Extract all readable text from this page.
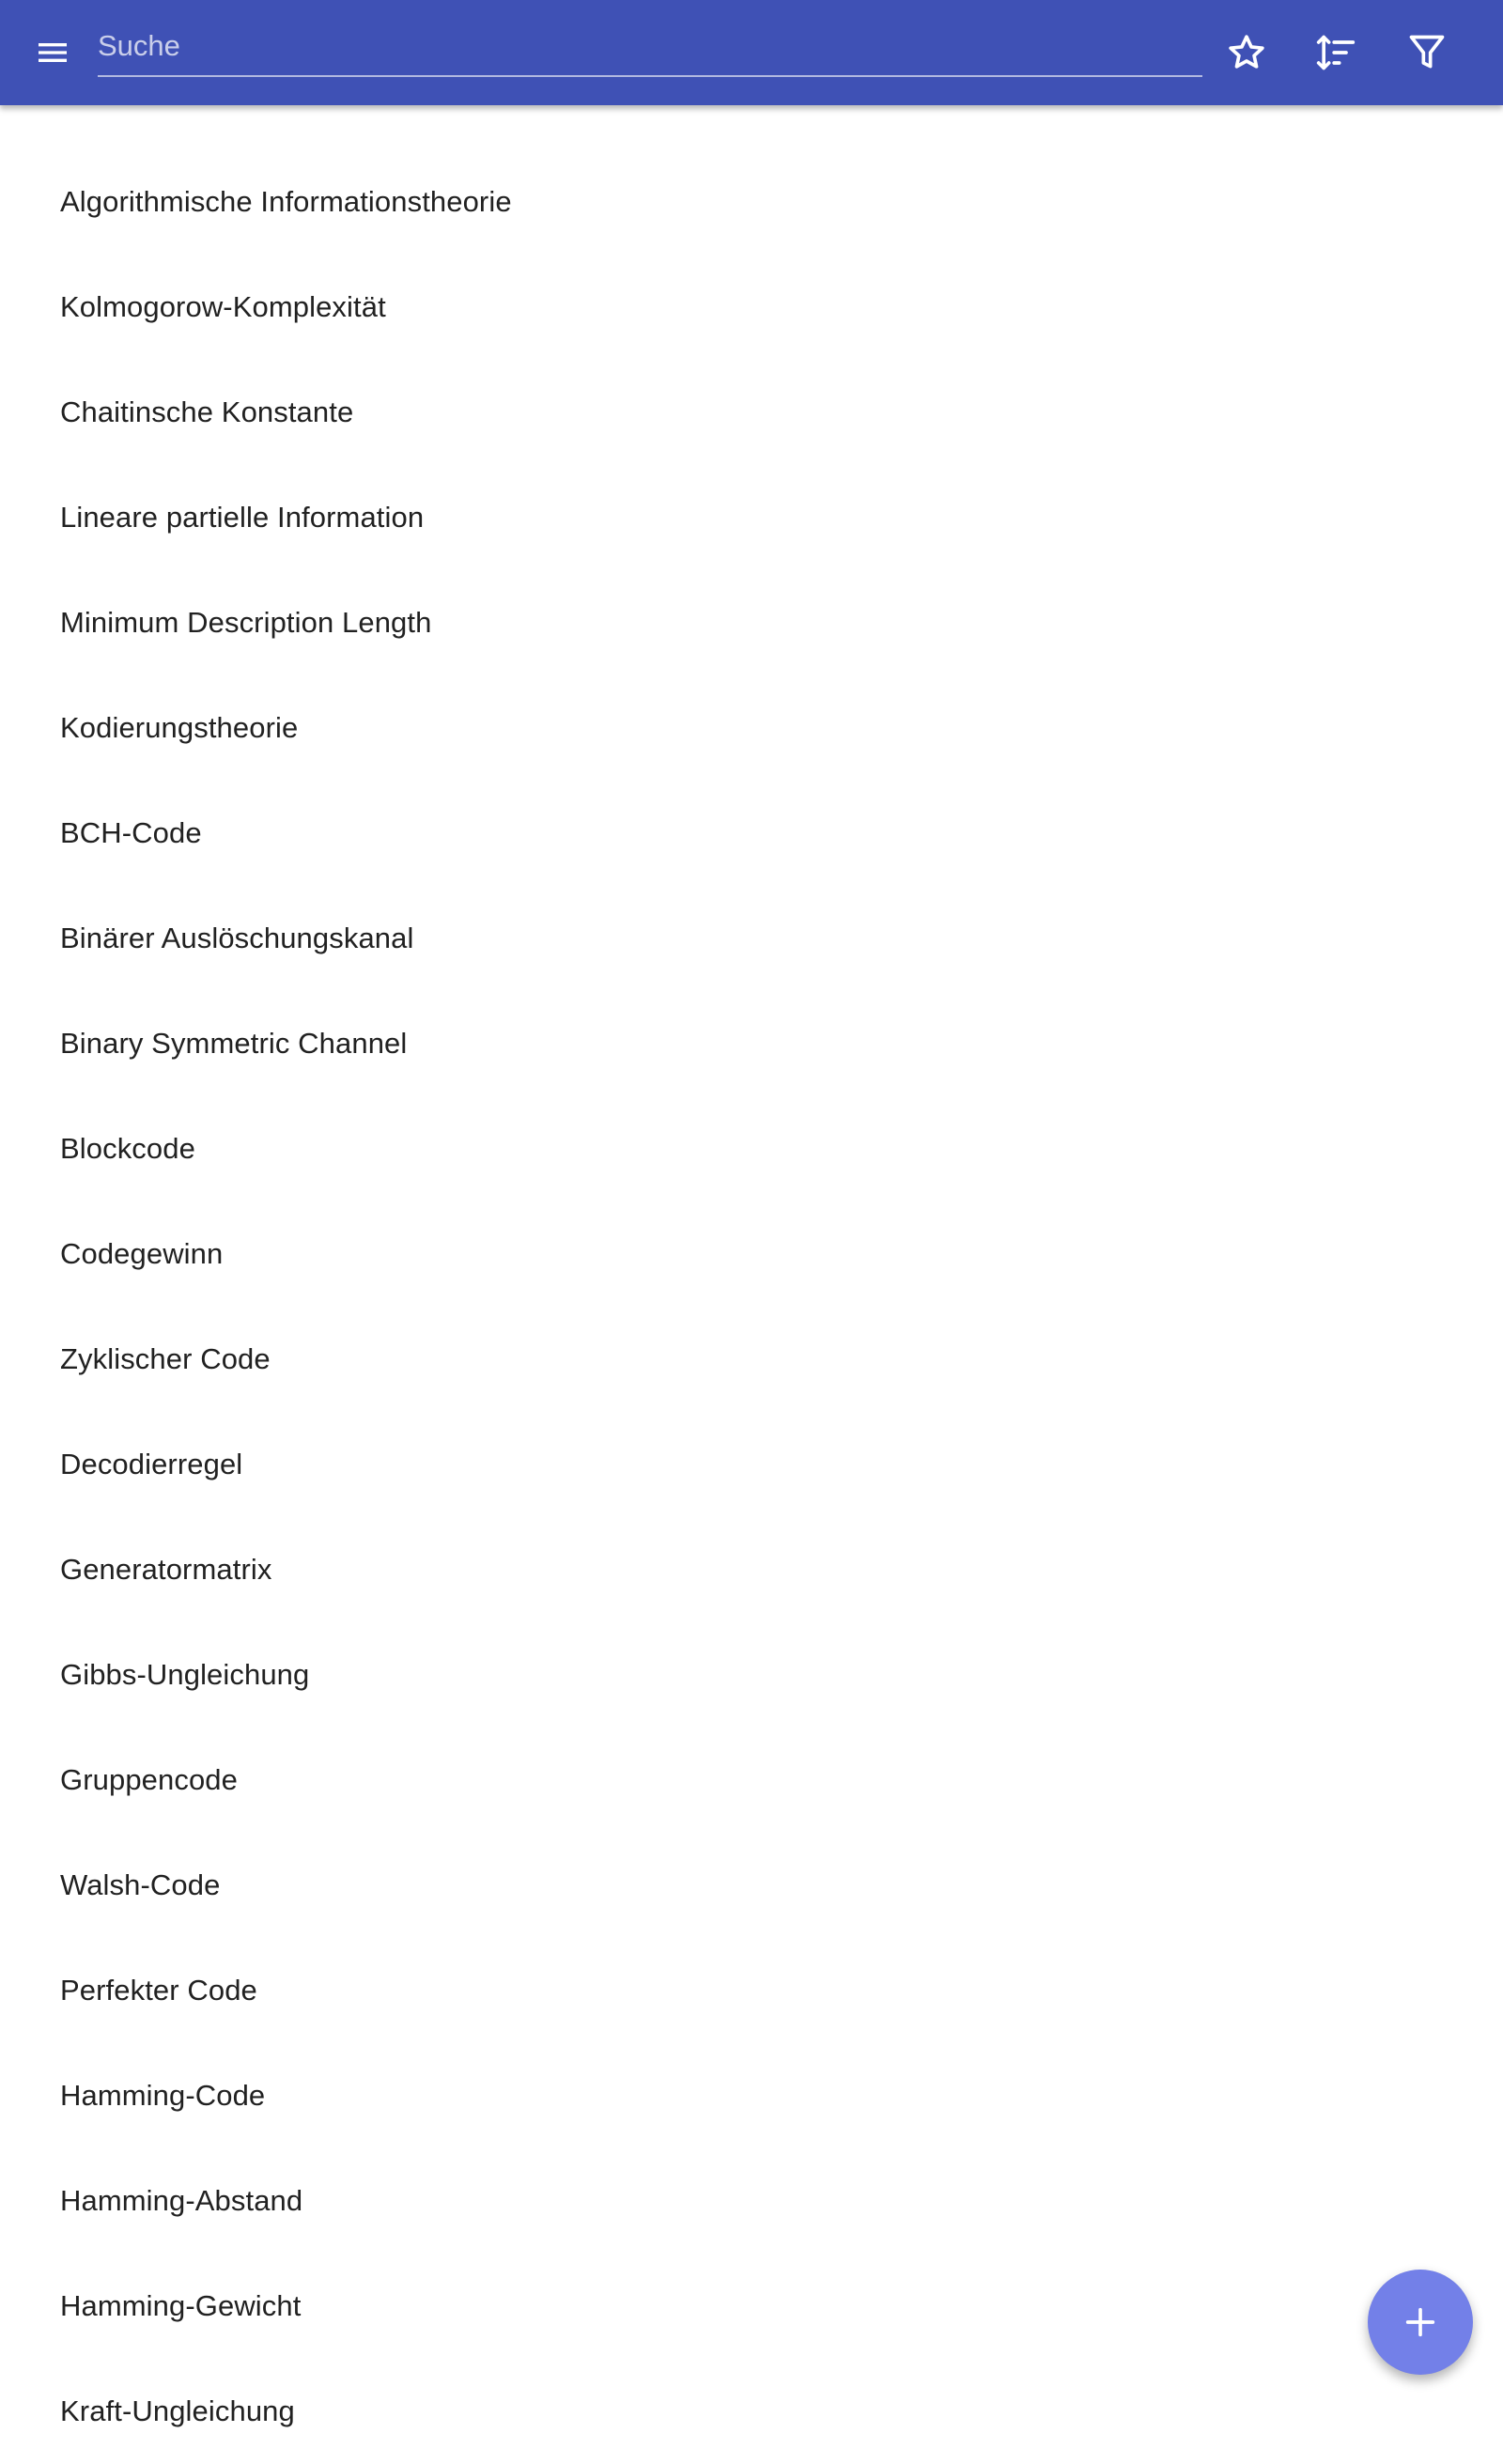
Suche
Algorithmische Informationstheorie
Kolmogorow-Komplexität
Chaitinsche Konstante
Lineare partielle Information
Minimum Description Length
Kodierungstheorie
BCH-Code
Binärer Auslöschungskanal
Binary Symmetric Channel
Blockcode
Codegewinn
Zyklischer Code
Decodierregel
Generatormatrix
Gibbs-Ungleichung
Gruppencode
Walsh-Code
Perfekter Code
Hamming-Code
Hamming-Abstand
Hamming-Gewicht
Kraft-Ungleichung
